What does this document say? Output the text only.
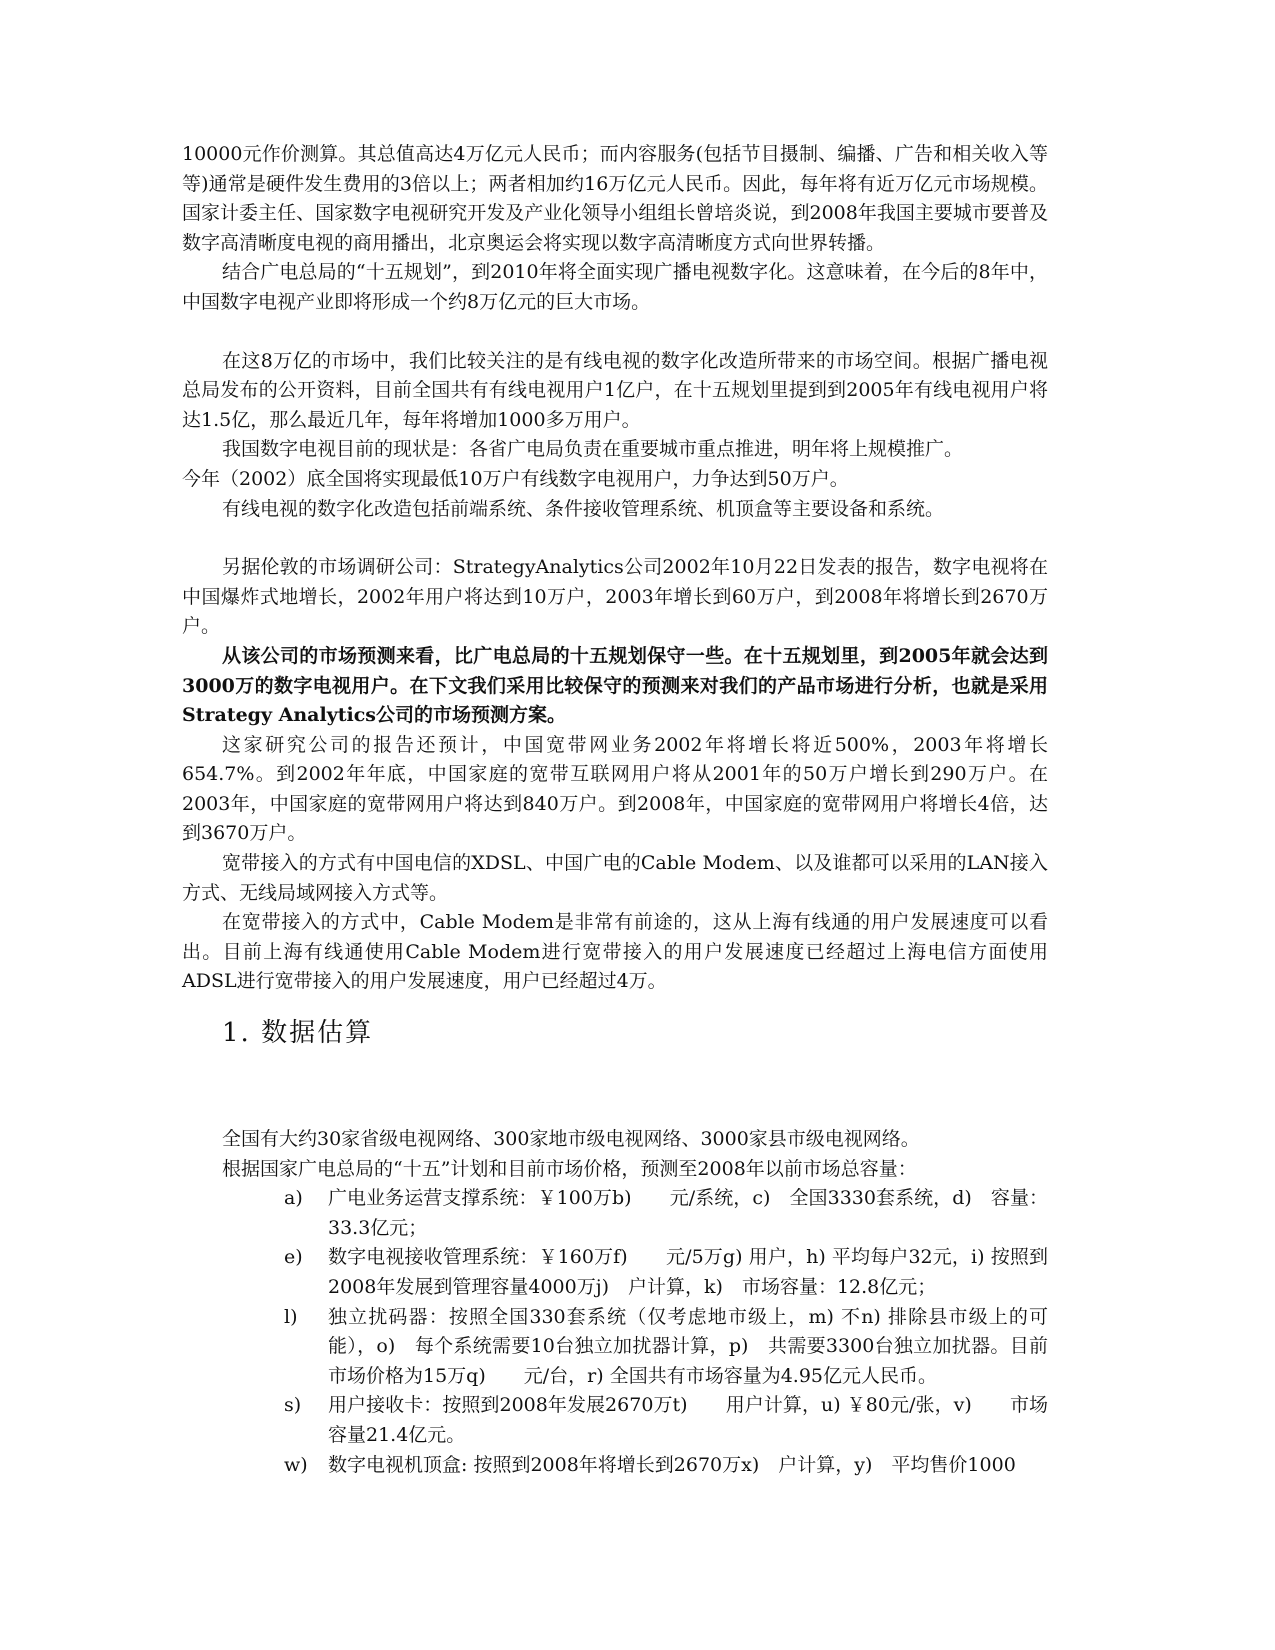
10000元作价测算。其总值高达4万亿元人民币；而内容服务(包括节目摄制、编播、广告和相关收入等等)通常是硬件发生费用的3倍以上；两者相加约16万亿元人民币。因此，每年将有近万亿元市场规模。国家计委主任、国家数字电视研究开发及产业化领导小组组长曾培炎说，到2008年我国主要城市要普及数字高清晰度电视的商用播出，北京奥运会将实现以数字高清晰度方式向世界转播。

结合广电总局的“十五规划”，到2010年将全面实现广播电视数字化。这意味着，在今后的8年中，中国数字电视产业即将形成一个约8万亿元的巨大市场。

在这8万亿的市场中，我们比较关注的是有线电视的数字化改造所带来的市场空间。根据广播电视总局发布的公开资料，目前全国共有有线电视用户1亿户，在十五规划里提到到2005年有线电视用户将达1.5亿，那么最近几年，每年将增加1000多万用户。

我国数字电视目前的现状是：各省广电局负责在重要城市重点推进，明年将上规模推广。

今年（2002）底全国将实现最低10万户有线数字电视用户，力争达到50万户。

有线电视的数字化改造包括前端系统、条件接收管理系统、机顶盒等主要设备和系统。

另据伦敦的市场调研公司：StrategyAnalytics公司2002年10月22日发表的报告，数字电视将在中国爆炸式地增长，2002年用户将达到10万户，2003年增长到60万户，到2008年将增长到2670万户。

从该公司的市场预测来看，比广电总局的十五规划保守一些。在十五规划里，到2005年就会达到3000万的数字电视用户。在下文我们采用比较保守的预测来对我们的产品市场进行分析，也就是采用Strategy Analytics公司的市场预测方案。

这家研究公司的报告还预计，中国宽带网业务2002年将增长将近500%，2003年将增长654.7%。到2002年年底，中国家庭的宽带互联网用户将从2001年的50万户增长到290万户。在2003年，中国家庭的宽带网用户将达到840万户。到2008年，中国家庭的宽带网用户将增长4倍，达到3670万户。

宽带接入的方式有中国电信的XDSL、中国广电的Cable Modem、以及谁都可以采用的LAN接入方式、无线局域网接入方式等。

在宽带接入的方式中，Cable Modem是非常有前途的，这从上海有线通的用户发展速度可以看出。目前上海有线通使用Cable Modem进行宽带接入的用户发展速度已经超过上海电信方面使用ADSL进行宽带接入的用户发展速度，用户已经超过4万。

1. 数据估算

全国有大约30家省级电视网络、300家地市级电视网络、3000家县市级电视网络。

根据国家广电总局的“十五”计划和目前市场价格，预测至2008年以前市场总容量：

a)	广电业务运营支撑系统：￥100万b)　　元/系统，c)　全国3330套系统，d)　容量：33.3亿元；
e)	数字电视接收管理系统：￥160万f)　　元/5万g) 用户，h) 平均每户32元，i) 按照到2008年发展到管理容量4000万j)　户计算，k)　市场容量：12.8亿元；
l)	独立扰码器：按照全国330套系统（仅考虑地市级上，m) 不n) 排除县市级上的可能），o)　每个系统需要10台独立加扰器计算，p)　共需要3300台独立加扰器。目前市场价格为15万q)　　元/台，r) 全国共有市场容量为4.95亿元人民币。
s)	用户接收卡：按照到2008年发展2670万t)　　用户计算，u) ￥80元/张，v)　　市场容量21.4亿元。
w)	数字电视机顶盒: 按照到2008年将增长到2670万x)　户计算，y)　平均售价1000
